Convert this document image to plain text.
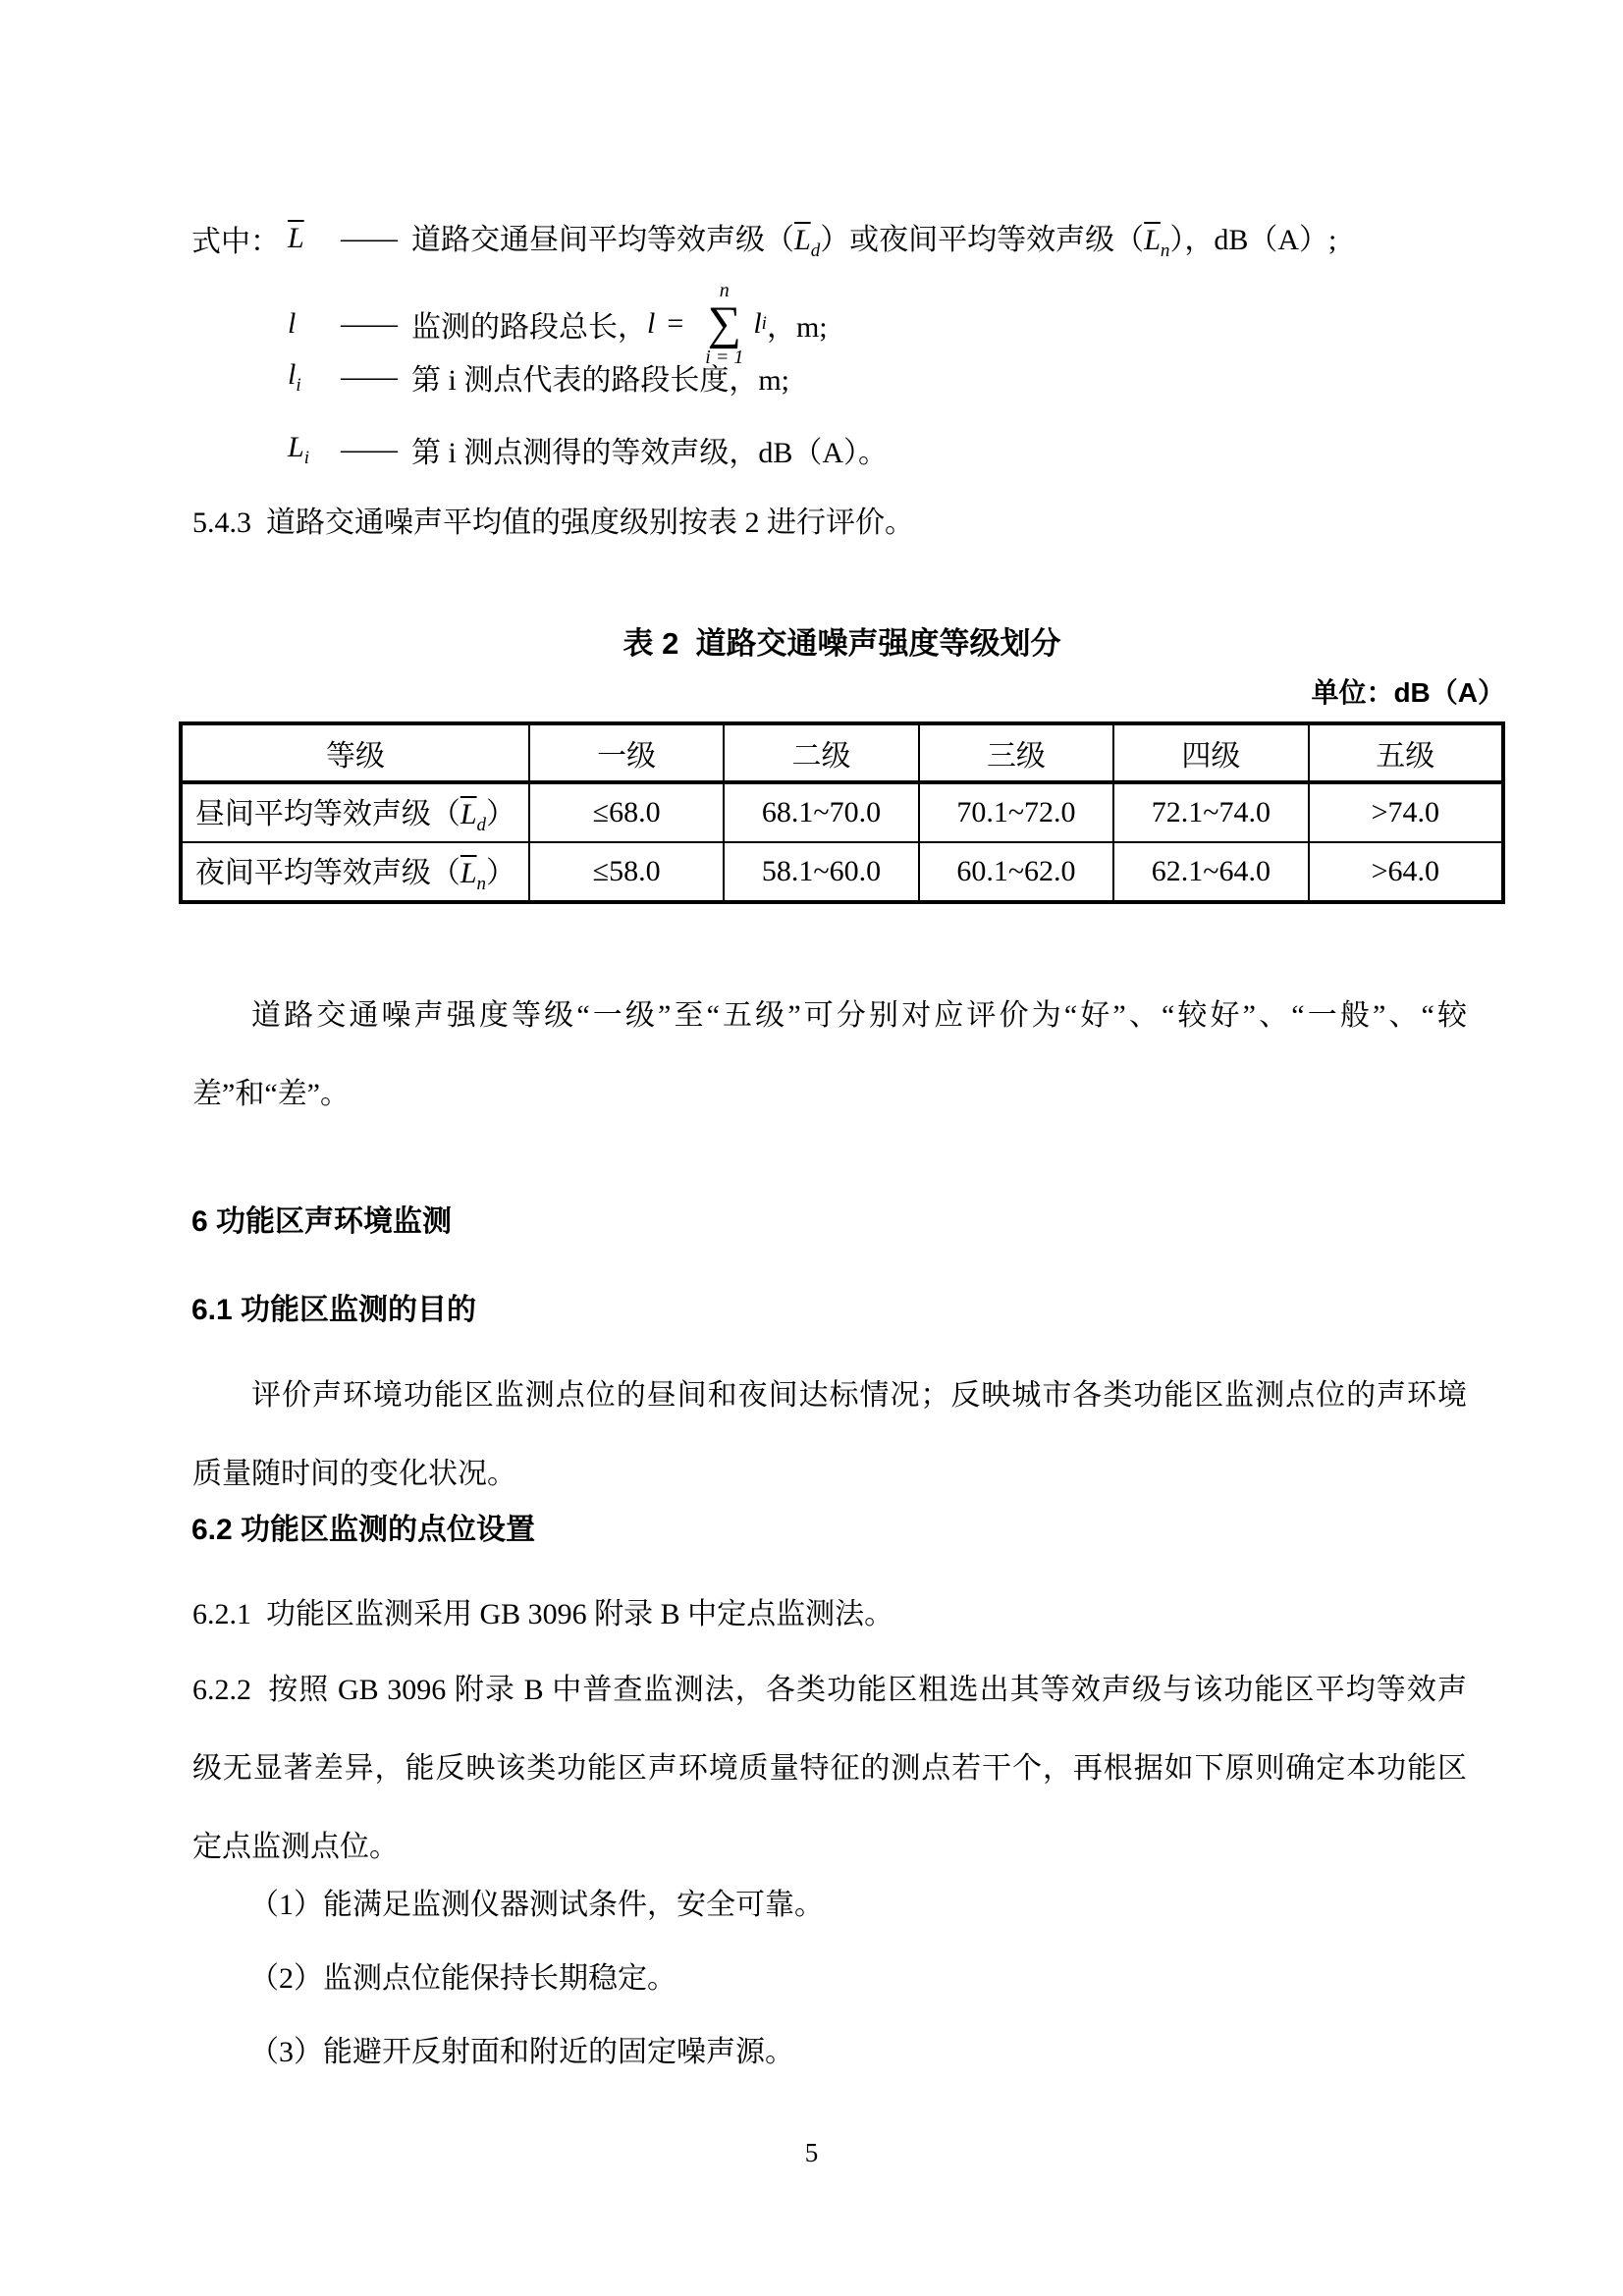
式中： $\overline{L}$	—— 道路交通昼间平均等效声级$(\overline{L}_d)$或夜间平均等效声级$(\overline{L}_n)$，dB（A）;
l	—— 监测的路段总长， l =
n
∑
i = 1
l i ，m;
$l_i$	—— 第 i 测点代表的路段长度，m;
$L_i$	—— 第 i 测点测得的等效声级，dB（A）。
5.4.3  道路交通噪声平均值的强度级别按表 2 进行评价。
表 2  道路交通噪声强度等级划分
单位：dB（A）
等级	一级	二级	三级	四级	五级
昼间平均等效声级$(\overline{L}_d)$	≤68.0	68.1~70.0	70.1~72.0	72.1~74.0	>74.0
夜间平均等效声级$(\overline{L}_n)$	≤58.0	58.1~60.0	60.1~62.0	62.1~64.0	>64.0
道路交通噪声强度等级“一级”至“五级”可分别对应评价为“好”、“较好”、“一般”、“较
差”和“差”。
6 功能区声环境监测
6.1 功能区监测的目的
评价声环境功能区监测点位的昼间和夜间达标情况；反映城市各类功能区监测点位的声环境
质量随时间的变化状况。
6.2 功能区监测的点位设置
6.2.1  功能区监测采用 GB 3096 附录 B 中定点监测法。
6.2.2  按照 GB 3096 附录 B 中普查监测法，各类功能区粗选出其等效声级与该功能区平均等效声
级无显著差异，能反映该类功能区声环境质量特征的测点若干个，再根据如下原则确定本功能区
定点监测点位。
（1）能满足监测仪器测试条件，安全可靠。
（2）监测点位能保持长期稳定。
（3）能避开反射面和附近的固定噪声源。
5
